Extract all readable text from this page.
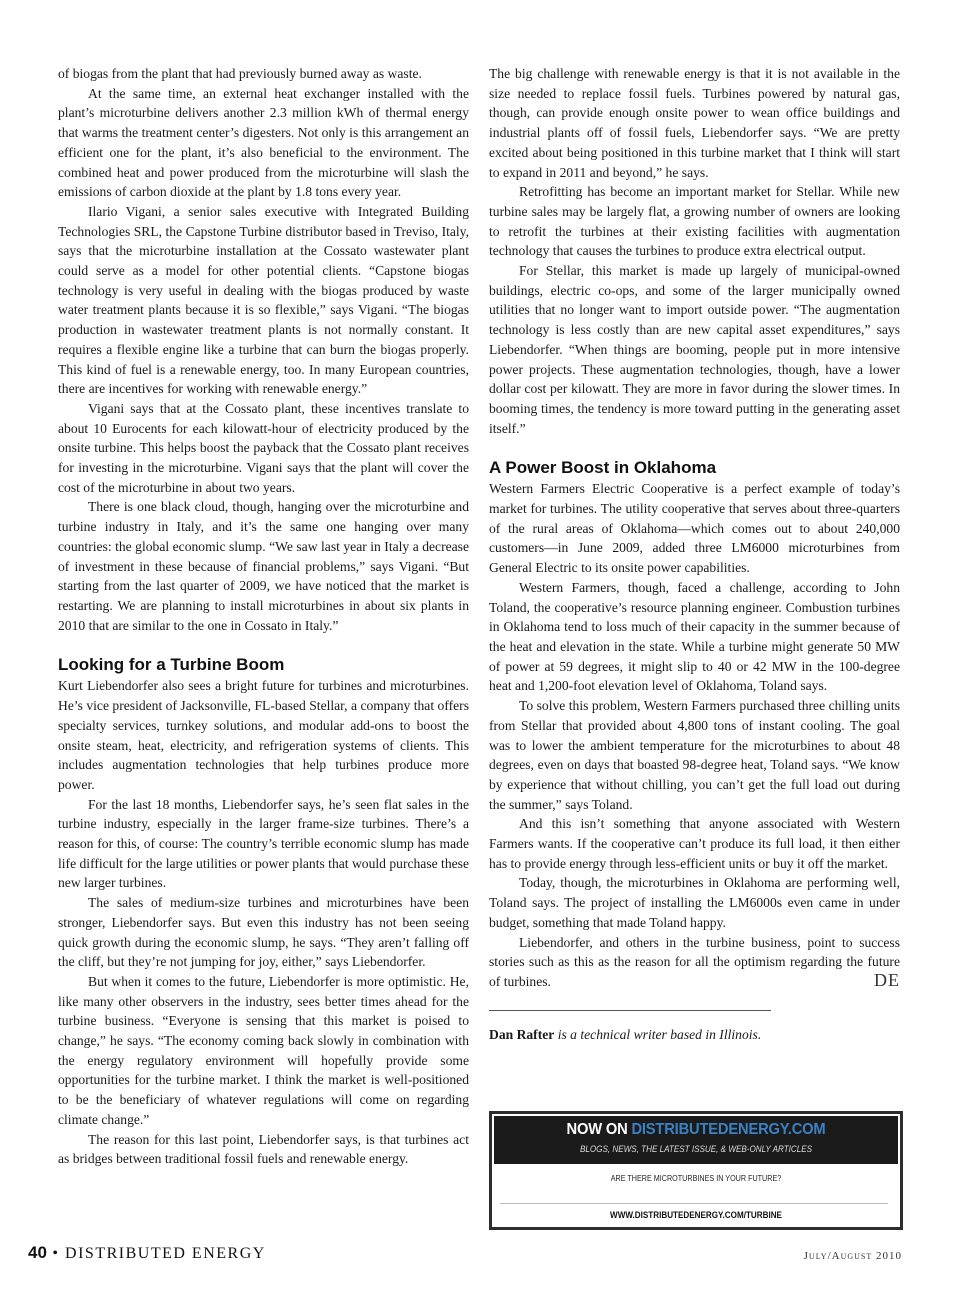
of biogas from the plant that had previously burned away as waste.

At the same time, an external heat exchanger installed with the plant’s microturbine delivers another 2.3 million kWh of thermal energy that warms the treatment center’s digesters. Not only is this arrangement an efficient one for the plant, it’s also beneficial to the environment. The combined heat and power produced from the microturbine will slash the emissions of carbon dioxide at the plant by 1.8 tons every year.

Ilario Vigani, a senior sales executive with Integrated Building Technologies SRL, the Capstone Turbine distributor based in Treviso, Italy, says that the microturbine installation at the Cossato wastewater plant could serve as a model for other potential clients. “Capstone biogas technology is very useful in dealing with the biogas produced by waste water treatment plants because it is so flexible,” says Vigani. “The biogas production in wastewater treatment plants is not normally constant. It requires a flexible engine like a turbine that can burn the biogas properly. This kind of fuel is a renewable energy, too. In many European countries, there are incentives for working with renewable energy.”

Vigani says that at the Cossato plant, these incentives translate to about 10 Eurocents for each kilowatt-hour of electricity produced by the onsite turbine. This helps boost the payback that the Cossato plant receives for investing in the microturbine. Vigani says that the plant will cover the cost of the microturbine in about two years.

There is one black cloud, though, hanging over the microturbine and turbine industry in Italy, and it’s the same one hanging over many countries: the global economic slump. “We saw last year in Italy a decrease of investment in these because of financial problems,” says Vigani. “But starting from the last quarter of 2009, we have noticed that the market is restarting. We are planning to install microturbines in about six plants in 2010 that are similar to the one in Cossato in Italy.”

Looking for a Turbine Boom

Kurt Liebendorfer also sees a bright future for turbines and microturbines. He’s vice president of Jacksonville, FL-based Stellar, a company that offers specialty services, turnkey solutions, and modular add-ons to boost the onsite steam, heat, electricity, and refrigeration systems of clients. This includes augmentation technologies that help turbines produce more power.

For the last 18 months, Liebendorfer says, he’s seen flat sales in the turbine industry, especially in the larger frame-size turbines. There’s a reason for this, of course: The country’s terrible economic slump has made life difficult for the large utilities or power plants that would purchase these new larger turbines.

The sales of medium-size turbines and microturbines have been stronger, Liebendorfer says. But even this industry has not been seeing quick growth during the economic slump, he says. “They aren’t falling off the cliff, but they’re not jumping for joy, either,” says Liebendorfer.

But when it comes to the future, Liebendorfer is more optimistic. He, like many other observers in the industry, sees better times ahead for the turbine business. “Everyone is sensing that this market is poised to change,” he says. “The economy coming back slowly in combination with the energy regulatory environment will hopefully provide some opportunities for the turbine market. I think the market is well-positioned to be the beneficiary of whatever regulations will come on regarding climate change.”

The reason for this last point, Liebendorfer says, is that turbines act as bridges between traditional fossil fuels and renewable energy.

The big challenge with renewable energy is that it is not available in the size needed to replace fossil fuels. Turbines powered by natural gas, though, can provide enough onsite power to wean office buildings and industrial plants off of fossil fuels, Liebendorfer says. “We are pretty excited about being positioned in this turbine market that I think will start to expand in 2011 and beyond,” he says.

Retrofitting has become an important market for Stellar. While new turbine sales may be largely flat, a growing number of owners are looking to retrofit the turbines at their existing facilities with augmentation technology that causes the turbines to produce extra electrical output.

For Stellar, this market is made up largely of municipal-owned buildings, electric co-ops, and some of the larger municipally owned utilities that no longer want to import outside power. “The augmentation technology is less costly than are new capital asset expenditures,” says Liebendorfer. “When things are booming, people put in more intensive power projects. These augmentation technologies, though, have a lower dollar cost per kilowatt. They are more in favor during the slower times. In booming times, the tendency is more toward putting in the generating asset itself.”

A Power Boost in Oklahoma

Western Farmers Electric Cooperative is a perfect example of today’s market for turbines. The utility cooperative that serves about three-quarters of the rural areas of Oklahoma—which comes out to about 240,000 customers—in June 2009, added three LM6000 microturbines from General Electric to its onsite power capabilities.

Western Farmers, though, faced a challenge, according to John Toland, the cooperative’s resource planning engineer. Combustion turbines in Oklahoma tend to loss much of their capacity in the summer because of the heat and elevation in the state. While a turbine might generate 50 MW of power at 59 degrees, it might slip to 40 or 42 MW in the 100-degree heat and 1,200-foot elevation level of Oklahoma, Toland says.

To solve this problem, Western Farmers purchased three chilling units from Stellar that provided about 4,800 tons of instant cooling. The goal was to lower the ambient temperature for the microturbines to about 48 degrees, even on days that boasted 98-degree heat, Toland says. “We know by experience that without chilling, you can’t get the full load out during the summer,” says Toland.

And this isn’t something that anyone associated with Western Farmers wants. If the cooperative can’t produce its full load, it then either has to provide energy through less-efficient units or buy it off the market.

Today, though, the microturbines in Oklahoma are performing well, Toland says. The project of installing the LM6000s even came in under budget, something that made Toland happy.

Liebendorfer, and others in the turbine business, point to success stories such as this as the reason for all the optimism regarding the future of turbines.	DE

Dan Rafter is a technical writer based in Illinois.

NOW ON DISTRIBUTEDENERGY.COM
BLOGS, NEWS, THE LATEST ISSUE, & WEB-ONLY ARTICLES
ARE THERE MICROTURBINES IN YOUR FUTURE?
WWW.DISTRIBUTEDENERGY.COM/TURBINE
40 • DISTRIBUTED ENERGY	July/August 2010
